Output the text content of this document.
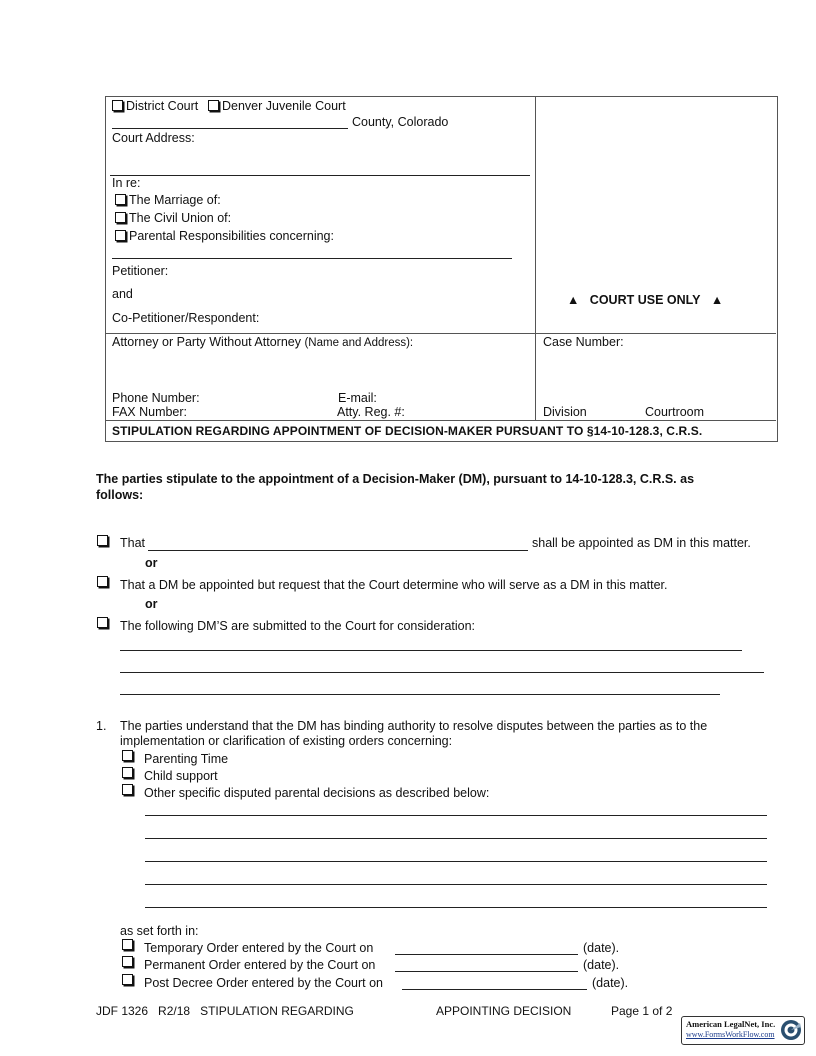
District Court	Denver Juvenile Court
County, Colorado
Court Address:
In re:
The Marriage of:
The Civil Union of:
Parental Responsibilities concerning:
Petitioner:
and
Co-Petitioner/Respondent:
▲ COURT USE ONLY ▲
Attorney or Party Without Attorney (Name and Address):
Phone Number:	E-mail:
FAX Number:	Atty. Reg. #:
Case Number:
Division	Courtroom
STIPULATION REGARDING APPOINTMENT OF DECISION-MAKER PURSUANT TO §14-10-128.3, C.R.S.
The parties stipulate to the appointment of a Decision-Maker (DM), pursuant to 14-10-128.3, C.R.S. as
follows:
That	shall be appointed as DM in this matter.
or
That a DM be appointed but request that the Court determine who will serve as a DM in this matter.
or
The following DM’S are submitted to the Court for consideration:
1. The parties understand that the DM has binding authority to resolve disputes between the parties as to the
implementation or clarification of existing orders concerning:
Parenting Time
Child support
Other specific disputed parental decisions as described below:
as set forth in:
Temporary Order entered by the Court on	(date).
Permanent Order entered by the Court on	(date).
Post Decree Order entered by the Court on	(date).
JDF 1326 R2/18 STIPULATION REGARDING	APPOINTING DECISION	Page 1 of 2
American LegalNet, Inc.
www.FormsWorkFlow.com
